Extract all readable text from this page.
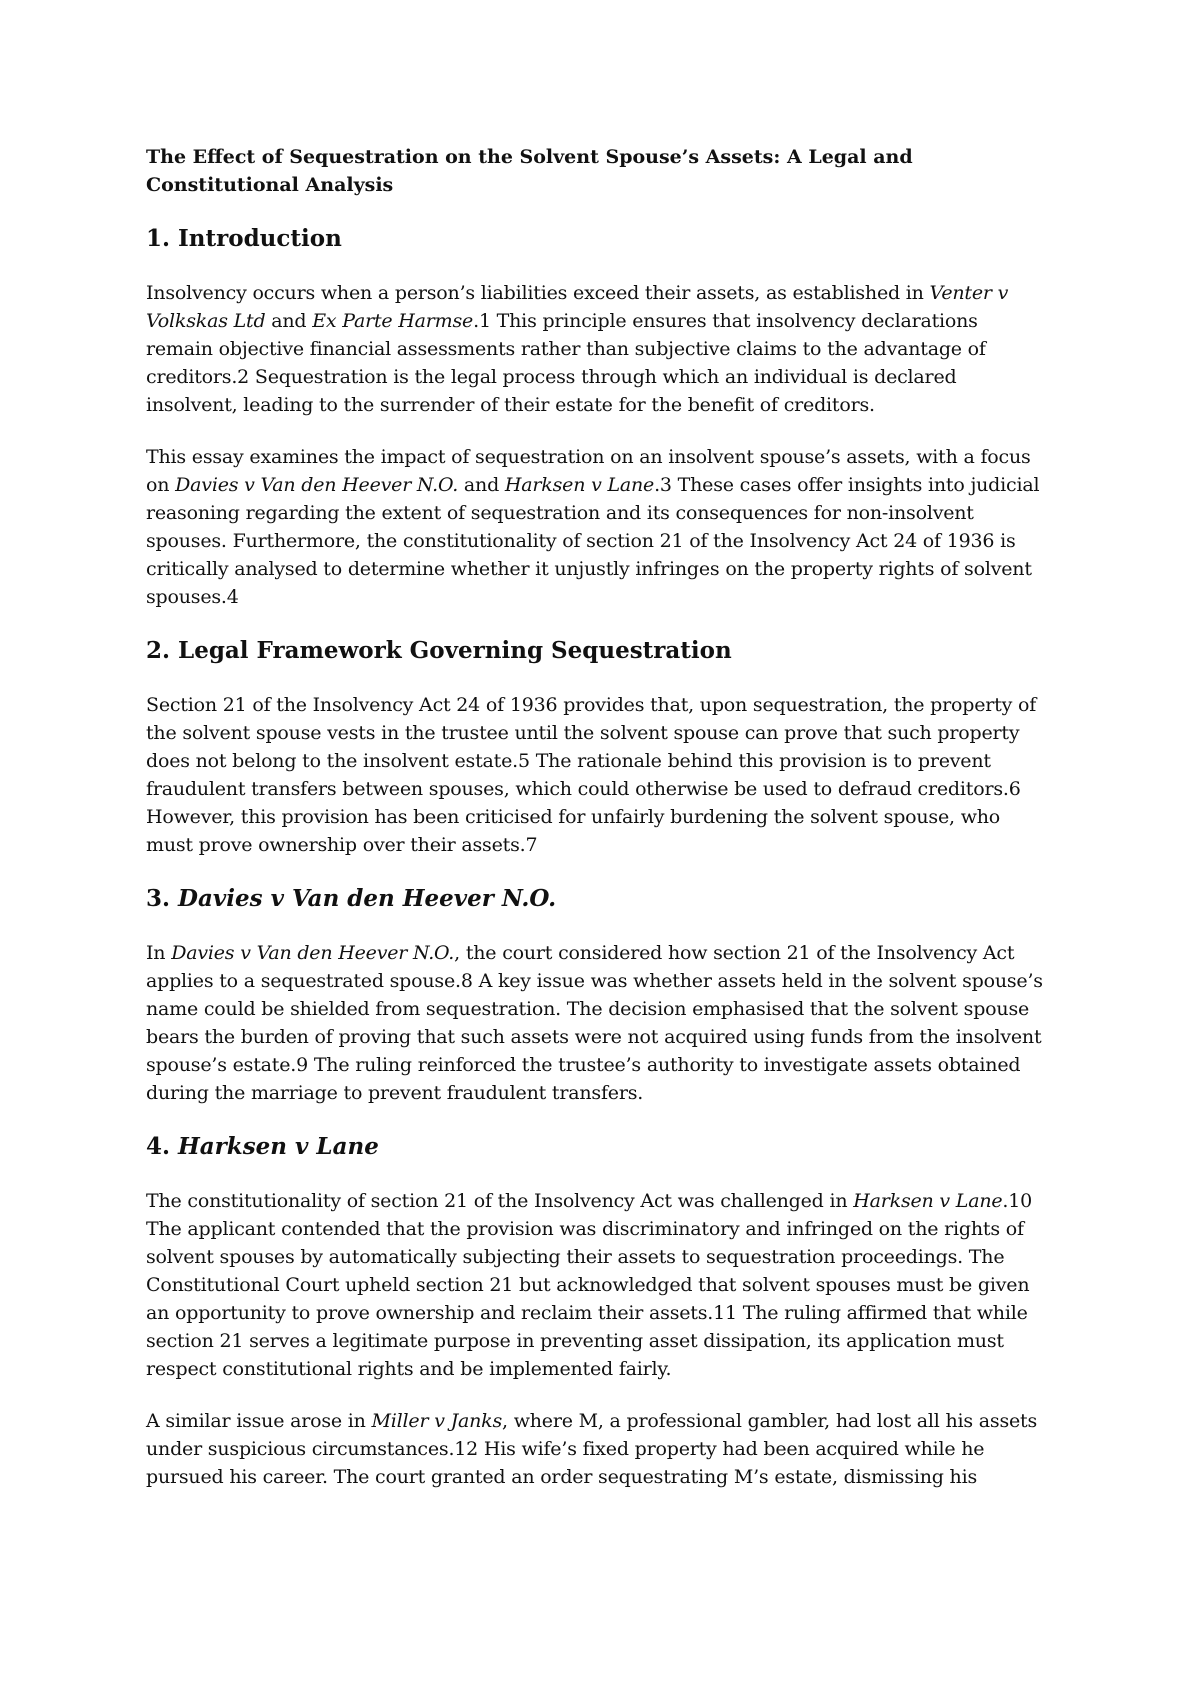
The Effect of Sequestration on the Solvent Spouse’s Assets: A Legal and Constitutional Analysis

1. Introduction

Insolvency occurs when a person’s liabilities exceed their assets, as established in Venter v Volkskas Ltd and Ex Parte Harmse.1 This principle ensures that insolvency declarations remain objective financial assessments rather than subjective claims to the advantage of creditors.2 Sequestration is the legal process through which an individual is declared insolvent, leading to the surrender of their estate for the benefit of creditors.

This essay examines the impact of sequestration on an insolvent spouse’s assets, with a focus on Davies v Van den Heever N.O. and Harksen v Lane.3 These cases offer insights into judicial reasoning regarding the extent of sequestration and its consequences for non-insolvent spouses. Furthermore, the constitutionality of section 21 of the Insolvency Act 24 of 1936 is critically analysed to determine whether it unjustly infringes on the property rights of solvent spouses.4

2. Legal Framework Governing Sequestration

Section 21 of the Insolvency Act 24 of 1936 provides that, upon sequestration, the property of the solvent spouse vests in the trustee until the solvent spouse can prove that such property does not belong to the insolvent estate.5 The rationale behind this provision is to prevent fraudulent transfers between spouses, which could otherwise be used to defraud creditors.6 However, this provision has been criticised for unfairly burdening the solvent spouse, who must prove ownership over their assets.7

3. Davies v Van den Heever N.O.

In Davies v Van den Heever N.O., the court considered how section 21 of the Insolvency Act applies to a sequestrated spouse.8 A key issue was whether assets held in the solvent spouse’s name could be shielded from sequestration. The decision emphasised that the solvent spouse bears the burden of proving that such assets were not acquired using funds from the insolvent spouse’s estate.9 The ruling reinforced the trustee’s authority to investigate assets obtained during the marriage to prevent fraudulent transfers.

4. Harksen v Lane

The constitutionality of section 21 of the Insolvency Act was challenged in Harksen v Lane.10 The applicant contended that the provision was discriminatory and infringed on the rights of solvent spouses by automatically subjecting their assets to sequestration proceedings. The Constitutional Court upheld section 21 but acknowledged that solvent spouses must be given an opportunity to prove ownership and reclaim their assets.11 The ruling affirmed that while section 21 serves a legitimate purpose in preventing asset dissipation, its application must respect constitutional rights and be implemented fairly.

A similar issue arose in Miller v Janks, where M, a professional gambler, had lost all his assets under suspicious circumstances.12 His wife’s fixed property had been acquired while he pursued his career. The court granted an order sequestrating M’s estate, dismissing his
